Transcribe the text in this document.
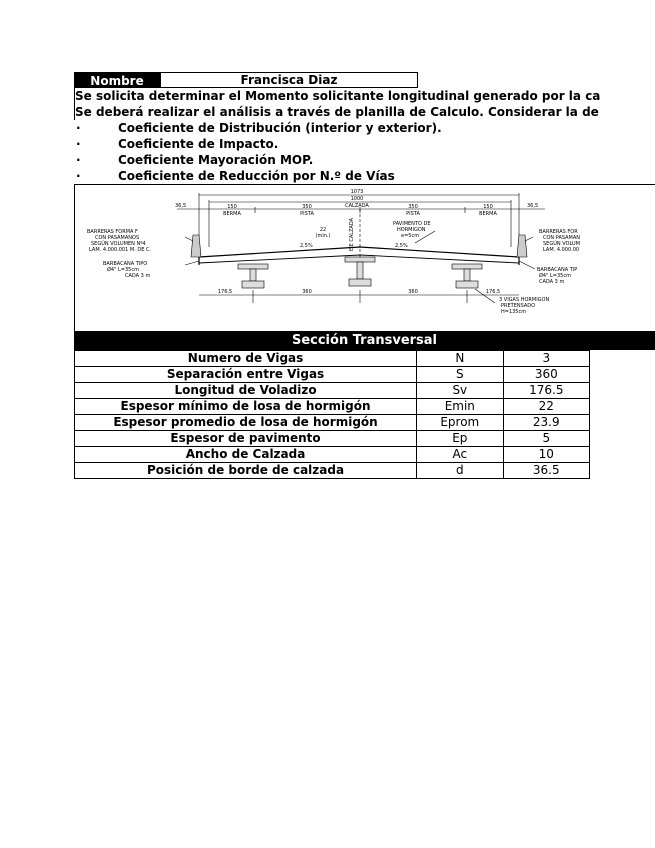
Nombre	Francisca Diaz
Se solicita determinar el Momento solicitante longitudinal generado por la ca
Se deberá realizar el análisis a través de planilla de Calculo. Considerar la de
·	Coeficiente de Distribución (interior y exterior).
·	Coeficiente de Impacto.
·	Coeficiente Mayoración MOP.
·	Coeficiente de Reducción por N.º de Vías
1073
1000
CALZADA
36,5	36,5
150
BERMA
350
PISTA
350
PISTA
150
BERMA
22
(min.)
2,5%	2,5%
EJE CALZADA	PAVIMENTO DE
HORMIGON
e=5cm
BARRERAS FORMA F
CON PASAMANOS
SEGÚN VOLUMEN Nº4
LAM. 4.000.001 M. DE C.
BARRERAS FOR
CON PASAMAN
SEGÚN VOLUM
LAM. 4.000.00
BARBACANA TIPO
Ø4" L=35cm
CADA 3 m
BARBACANA TIP
Ø4" L=35cm
CADA 3 m
176,5	360	360	176,5
3 VIGAS HORMIGON
PRETENSADO
H=135cm
Sección Transversal
Numero de Vigas	N	3
Separación entre Vigas	S	360
Longitud de Voladizo	Sv	176.5
Espesor mínimo de losa de hormigón	Emin	22
Espesor promedio de losa de hormigón	Eprom	23.9
Espesor de pavimento	Ep	5
Ancho de Calzada	Ac	10
Posición de borde de calzada	d	36.5
